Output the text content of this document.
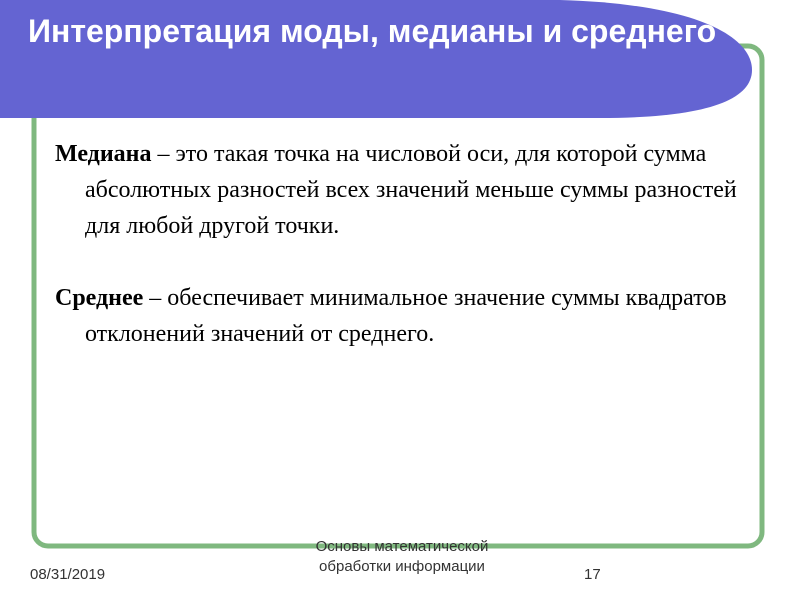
Интерпретация моды, медианы и среднего

Медиана – это такая точка на числовой оси, для которой сумма абсолютных разностей всех значений меньше суммы разностей для любой другой точки.

Среднее – обеспечивает минимальное значение суммы квадратов отклонений значений от среднего.

08/31/2019
Основы математической обработки информации	17
